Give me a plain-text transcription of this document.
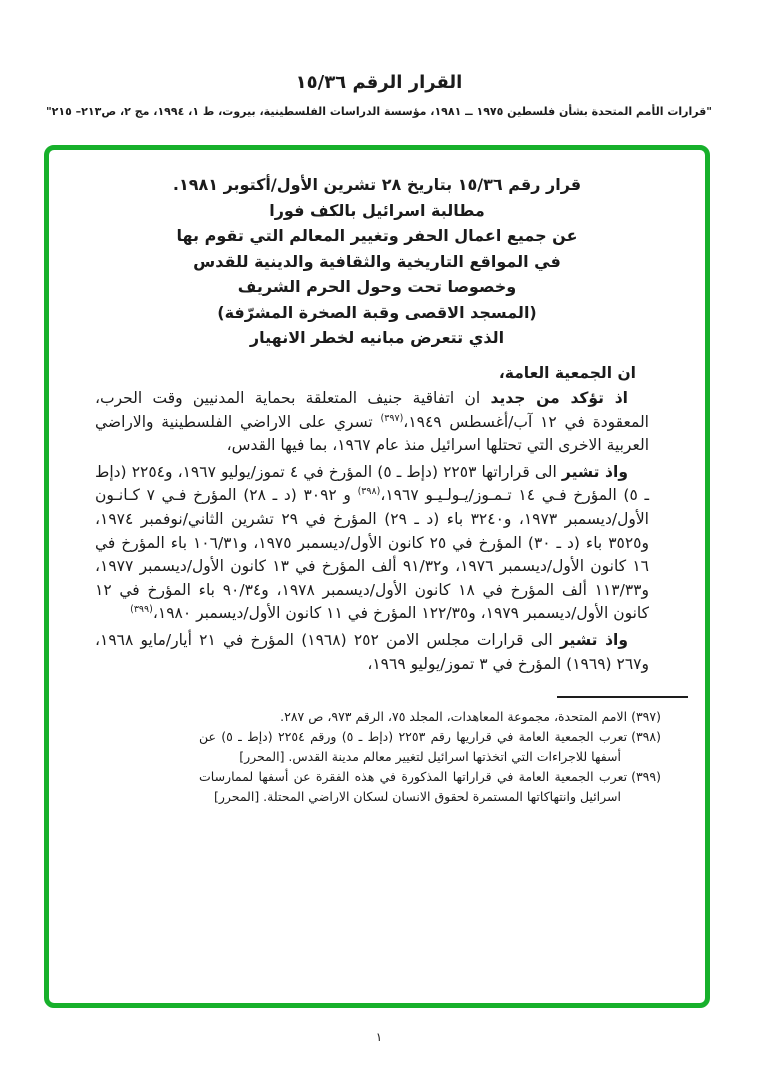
القرار الرقم ١٥/٣٦
"قرارات الأمم المتحدة بشأن فلسطين ١٩٧٥ ــ ١٩٨١، مؤسسة الدراسات الفلسطينية، بيروت، ط ١، ١٩٩٤، مج ٢، ص٢١٣– ٢١٥"
قرار رقم ١٥/٣٦ بتاريخ ٢٨ تشرين الأول/أكتوبر ١٩٨١.
مطالبة اسرائيل بالكف فورا
عن جميع اعمال الحفر وتغيير المعالم التي تقوم بها
في المواقع التاريخية والثقافية والدينية للقدس
وخصوصا تحت وحول الحرم الشريف
(المسجد الاقصى وقبة الصخرة المشرّفة)
الذي تتعرض مبانيه لخطر الانهيار

ان الجمعية العامة،

اذ تؤكد من جديد ان اتفاقية جنيف المتعلقة بحماية المدنيين وقت الحرب، المعقودة في ١٢ آب/أغسطس ١٩٤٩،$^{(٣٩٧)}$ تسري على الاراضي الفلسطينية والاراضي العربية الاخرى التي تحتلها اسرائيل منذ عام ١٩٦٧، بما فيها القدس،

واذ تشير الى قراراتها ٢٢٥٣ (دإط ـ ٥) المؤرخ في ٤ تموز/يوليو ١٩٦٧، و٢٢٥٤ (دإط ـ ٥) المؤرخ فـي ١٤ تـمـوز/يـولـيـو ١٩٦٧،$^{(٣٩٨)}$ و ٣٠٩٢ (د ـ ٢٨) المؤرخ فـي ٧ كـانـون الأول/ديسمبر ١٩٧٣، و٣٢٤٠ باء (د ـ ٢٩) المؤرخ في ٢٩ تشرين الثاني/نوفمبر ١٩٧٤، و٣٥٢٥ باء (د ـ ٣٠) المؤرخ في ٢٥ كانون الأول/ديسمبر ١٩٧٥، و١٠٦/٣١ باء المؤرخ في ١٦ كانون الأول/ديسمبر ١٩٧٦، و٩١/٣٢ ألف المؤرخ في ١٣ كانون الأول/ديسمبر ١٩٧٧، و١١٣/٣٣ ألف المؤرخ في ١٨ كانون الأول/ديسمبر ١٩٧٨، و٩٠/٣٤ باء المؤرخ في ١٢ كانون الأول/ديسمبر ١٩٧٩، و١٢٢/٣٥ المؤرخ في ١١ كانون الأول/ديسمبر ١٩٨٠،$^{(٣٩٩)}$

واذ تشير الى قرارات مجلس الامن ٢٥٢ (١٩٦٨) المؤرخ في ٢١ أيار/مايو ١٩٦٨، و٢٦٧ (١٩٦٩) المؤرخ في ٣ تموز/يوليو ١٩٦٩،

(٣٩٧)الامم المتحدة، مجموعة المعاهدات، المجلد ٧٥، الرقم ٩٧٣، ص ٢٨٧.

(٣٩٨)تعرب الجمعية العامة في قراريها رقم ٢٢٥٣ (دإط ـ ٥) ورقم ٢٢٥٤ (دإط ـ ٥) عن أسفها للاجراءات التي اتخذتها اسرائيل لتغيير معالم مدينة القدس. [المحرر]

(٣٩٩)تعرب الجمعية العامة في قراراتها المذكورة في هذه الفقرة عن أسفها لممارسات اسرائيل وانتهاكاتها المستمرة لحقوق الانسان لسكان الاراضي المحتلة. [المحرر]

١
